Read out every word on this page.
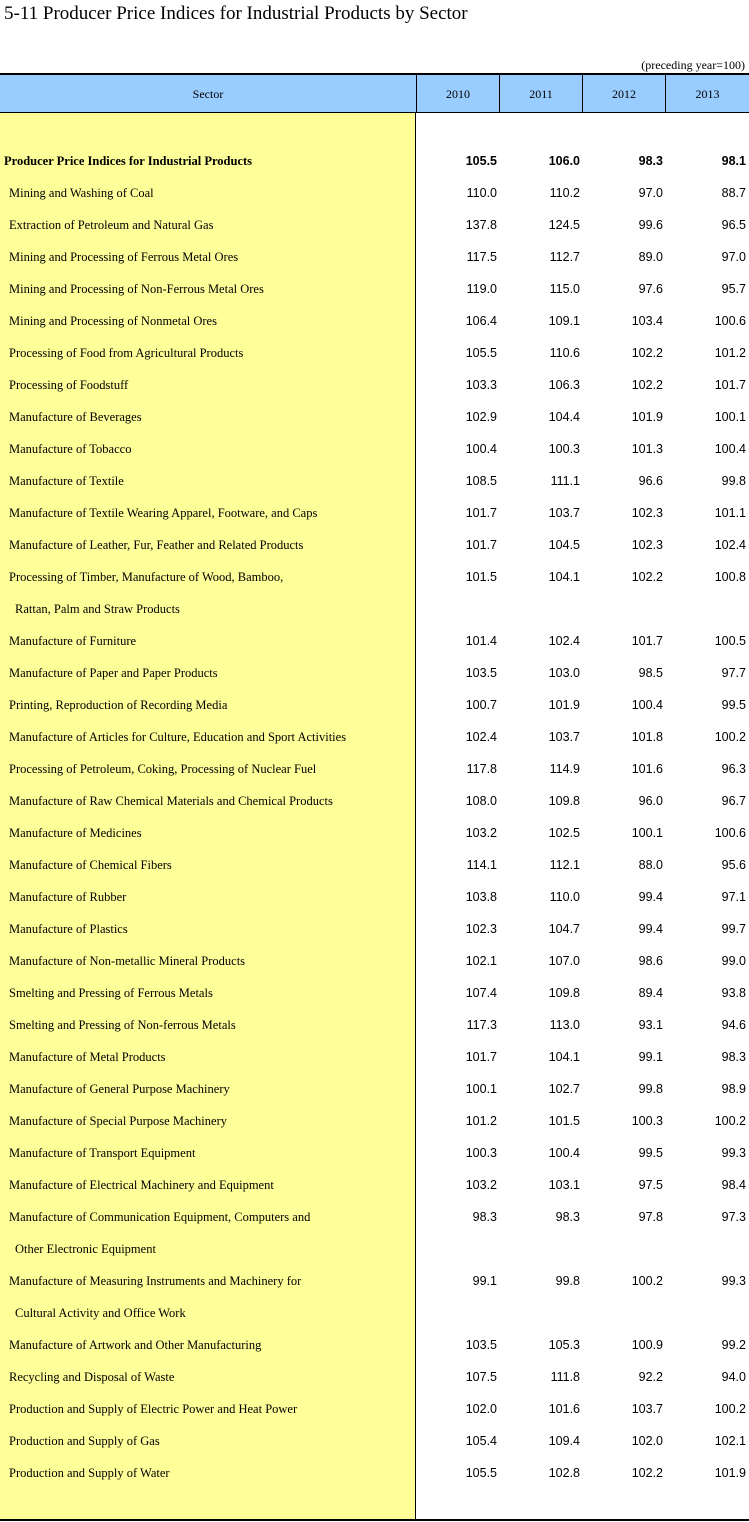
5-11 Producer Price Indices for Industrial Products by Sector
(preceding year=100)
Sector	2010	2011	2012	2013
Producer Price Indices for Industrial Products	105.5	106.0	98.3	98.1
Mining and Washing of Coal	110.0	110.2	97.0	88.7
Extraction of Petroleum and Natural Gas	137.8	124.5	99.6	96.5
Mining and Processing of Ferrous Metal Ores	117.5	112.7	89.0	97.0
Mining and Processing of Non-Ferrous Metal Ores	119.0	115.0	97.6	95.7
Mining and Processing of Nonmetal Ores	106.4	109.1	103.4	100.6
Processing of Food from Agricultural Products	105.5	110.6	102.2	101.2
Processing of Foodstuff	103.3	106.3	102.2	101.7
Manufacture of Beverages	102.9	104.4	101.9	100.1
Manufacture of Tobacco	100.4	100.3	101.3	100.4
Manufacture of Textile	108.5	111.1	96.6	99.8
Manufacture of Textile Wearing Apparel, Footware, and Caps	101.7	103.7	102.3	101.1
Manufacture of Leather, Fur, Feather and Related Products	101.7	104.5	102.3	102.4
Processing of Timber, Manufacture of Wood, Bamboo,	101.5	104.1	102.2	100.8
Rattan, Palm and Straw Products
Manufacture of Furniture	101.4	102.4	101.7	100.5
Manufacture of Paper and Paper Products	103.5	103.0	98.5	97.7
Printing, Reproduction of Recording Media	100.7	101.9	100.4	99.5
Manufacture of Articles for Culture, Education and Sport Activities	102.4	103.7	101.8	100.2
Processing of Petroleum, Coking, Processing of Nuclear Fuel	117.8	114.9	101.6	96.3
Manufacture of Raw Chemical Materials and Chemical Products	108.0	109.8	96.0	96.7
Manufacture of Medicines	103.2	102.5	100.1	100.6
Manufacture of Chemical Fibers	114.1	112.1	88.0	95.6
Manufacture of Rubber	103.8	110.0	99.4	97.1
Manufacture of Plastics	102.3	104.7	99.4	99.7
Manufacture of Non-metallic Mineral Products	102.1	107.0	98.6	99.0
Smelting and Pressing of Ferrous Metals	107.4	109.8	89.4	93.8
Smelting and Pressing of Non-ferrous Metals	117.3	113.0	93.1	94.6
Manufacture of Metal Products	101.7	104.1	99.1	98.3
Manufacture of General Purpose Machinery	100.1	102.7	99.8	98.9
Manufacture of Special Purpose Machinery	101.2	101.5	100.3	100.2
Manufacture of Transport Equipment	100.3	100.4	99.5	99.3
Manufacture of Electrical Machinery and Equipment	103.2	103.1	97.5	98.4
Manufacture of Communication Equipment, Computers and	98.3	98.3	97.8	97.3
Other Electronic Equipment
Manufacture of Measuring Instruments and Machinery for	99.1	99.8	100.2	99.3
Cultural Activity and Office Work
Manufacture of Artwork and Other Manufacturing	103.5	105.3	100.9	99.2
Recycling and Disposal of Waste	107.5	111.8	92.2	94.0
Production and Supply of Electric Power and Heat Power	102.0	101.6	103.7	100.2
Production and Supply of Gas	105.4	109.4	102.0	102.1
Production and Supply of Water	105.5	102.8	102.2	101.9
